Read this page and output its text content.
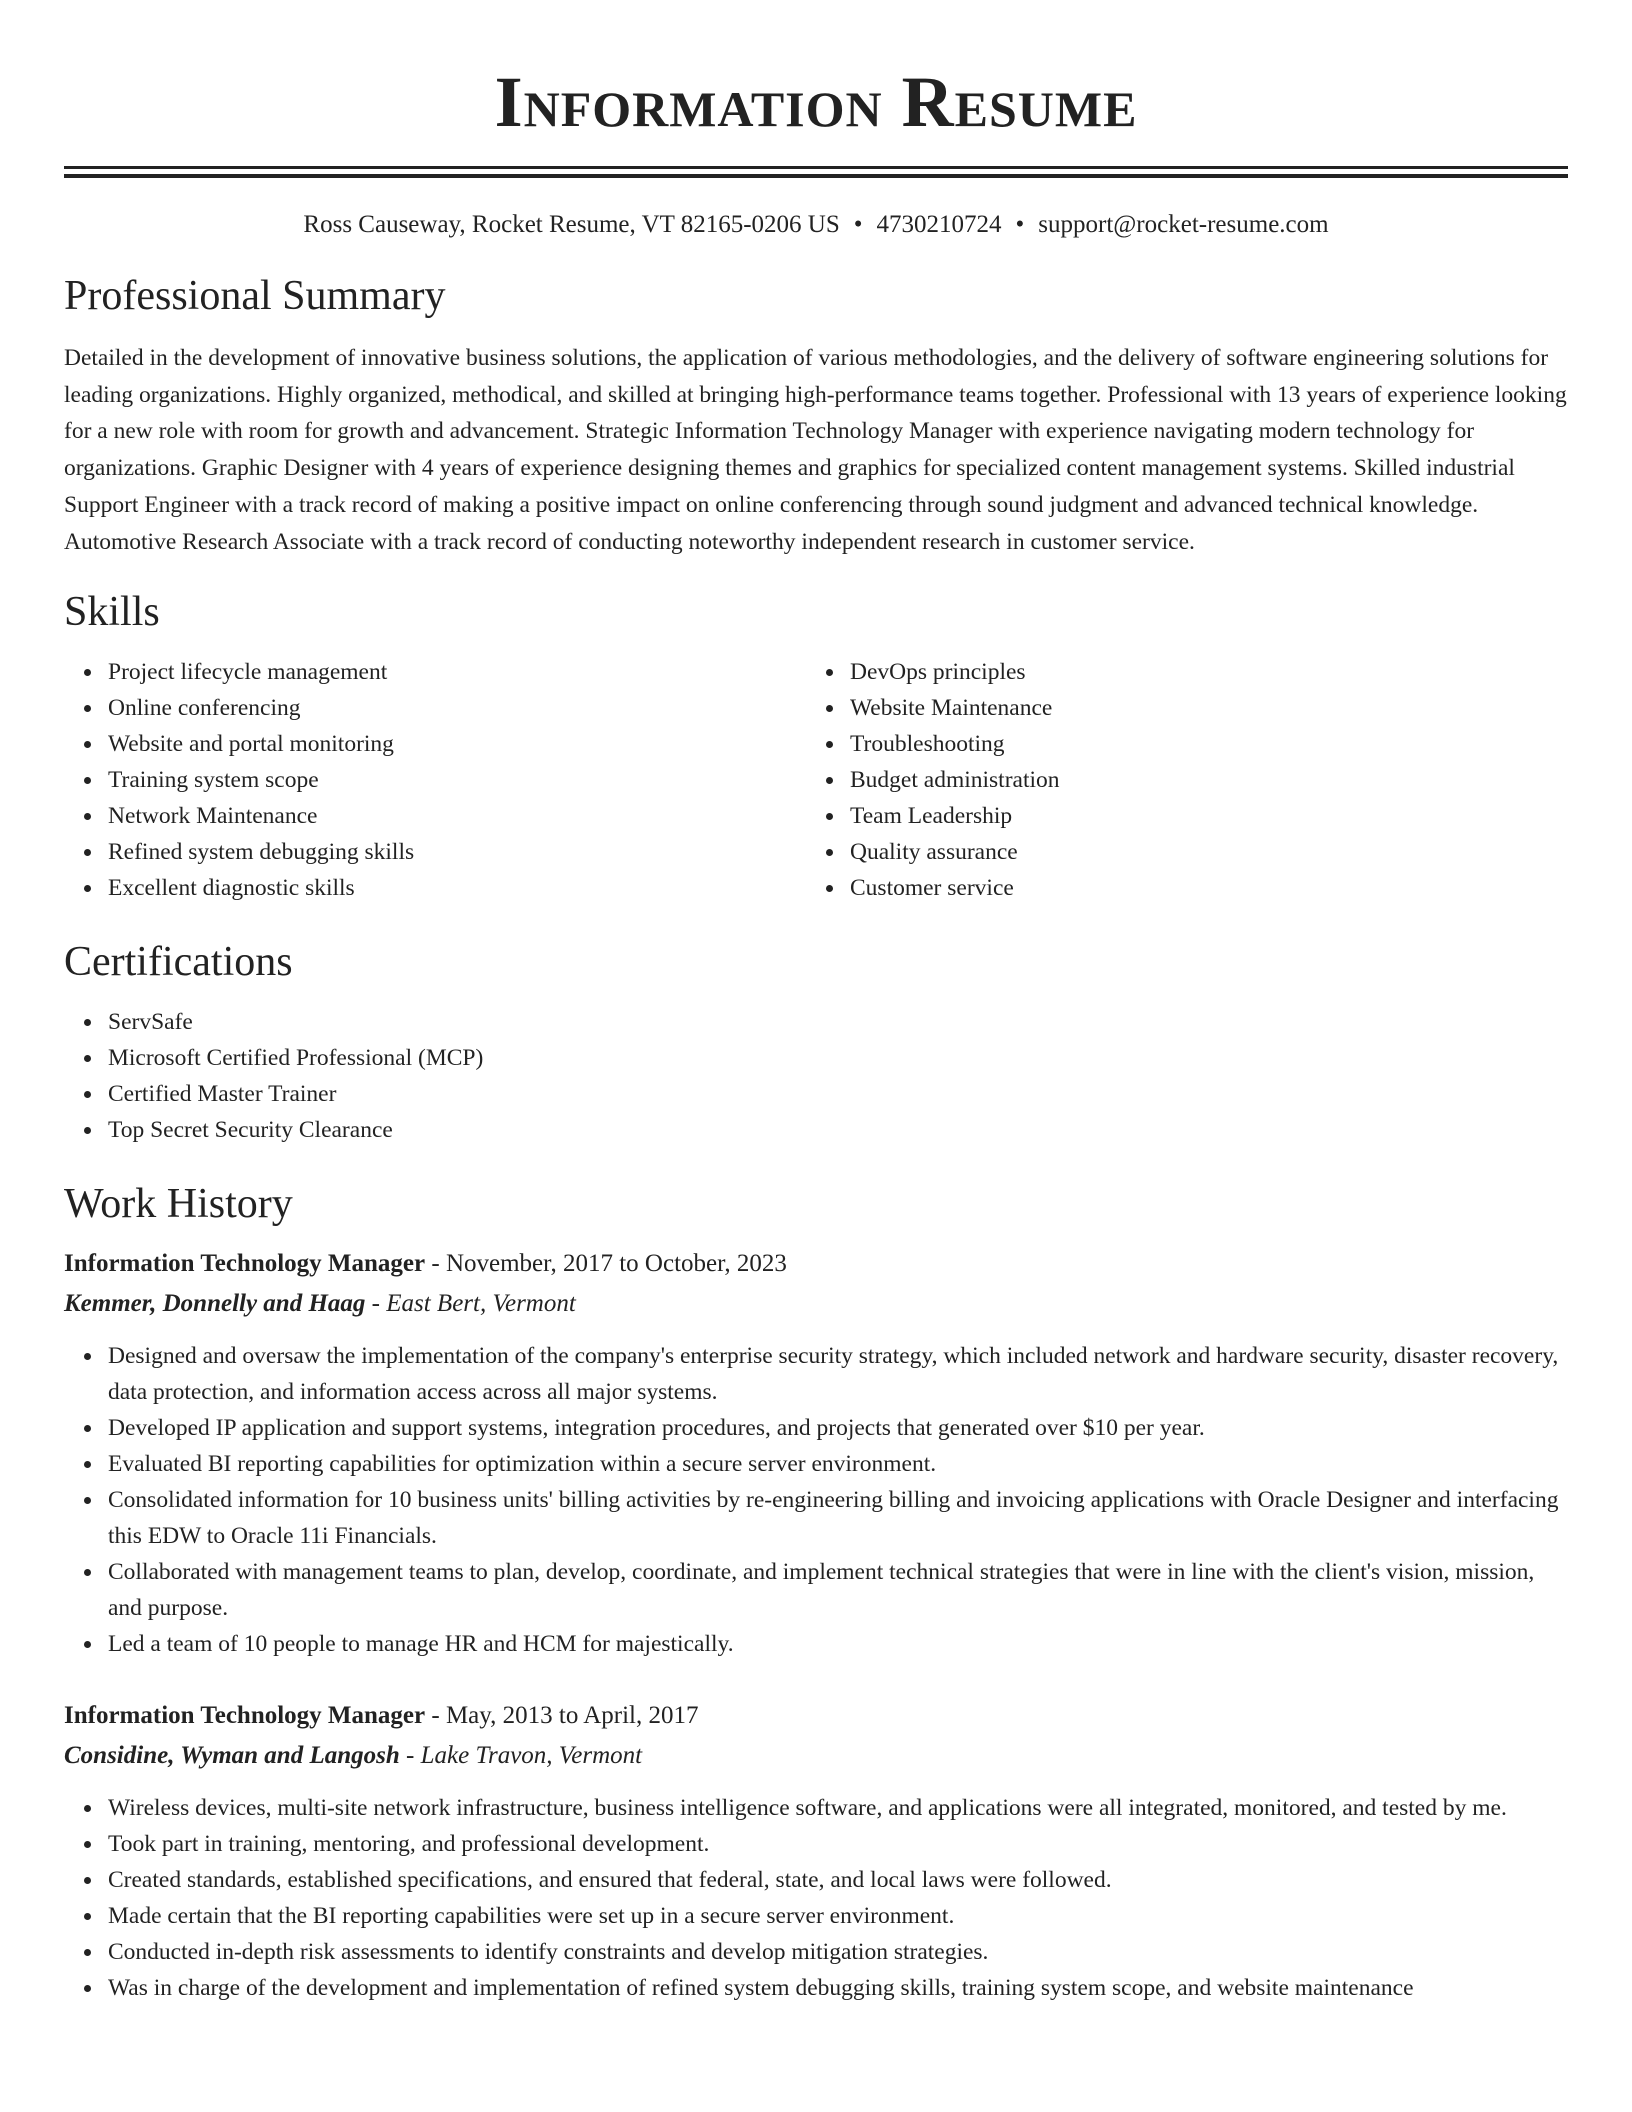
Information Resume
Ross Causeway, Rocket Resume, VT 82165-0206 US • 4730210724 • support@rocket-resume.com
Professional Summary

Detailed in the development of innovative business solutions, the application of various methodologies, and the delivery of software engineering solutions for leading organizations. Highly organized, methodical, and skilled at bringing high-performance teams together. Professional with 13 years of experience looking for a new role with room for growth and advancement. Strategic Information Technology Manager with experience navigating modern technology for organizations. Graphic Designer with 4 years of experience designing themes and graphics for specialized content management systems. Skilled industrial Support Engineer with a track record of making a positive impact on online conferencing through sound judgment and advanced technical knowledge. Automotive Research Associate with a track record of conducting noteworthy independent research in customer service.

Skills
Project lifecycle management
Online conferencing
Website and portal monitoring
Training system scope
Network Maintenance
Refined system debugging skills
Excellent diagnostic skills
DevOps principles
Website Maintenance
Troubleshooting
Budget administration
Team Leadership
Quality assurance
Customer service
Certifications
ServSafe
Microsoft Certified Professional (MCP)
Certified Master Trainer
Top Secret Security Clearance
Work History
Information Technology Manager - November, 2017 to October, 2023
Kemmer, Donnelly and Haag - East Bert, Vermont
Designed and oversaw the implementation of the company's enterprise security strategy, which included network and hardware security, disaster recovery, data protection, and information access across all major systems.
Developed IP application and support systems, integration procedures, and projects that generated over $10 per year.
Evaluated BI reporting capabilities for optimization within a secure server environment.
Consolidated information for 10 business units' billing activities by re-engineering billing and invoicing applications with Oracle Designer and interfacing this EDW to Oracle 11i Financials.
Collaborated with management teams to plan, develop, coordinate, and implement technical strategies that were in line with the client's vision, mission, and purpose.
Led a team of 10 people to manage HR and HCM for majestically.
Information Technology Manager - May, 2013 to April, 2017
Considine, Wyman and Langosh - Lake Travon, Vermont
Wireless devices, multi-site network infrastructure, business intelligence software, and applications were all integrated, monitored, and tested by me.
Took part in training, mentoring, and professional development.
Created standards, established specifications, and ensured that federal, state, and local laws were followed.
Made certain that the BI reporting capabilities were set up in a secure server environment.
Conducted in-depth risk assessments to identify constraints and develop mitigation strategies.
Was in charge of the development and implementation of refined system debugging skills, training system scope, and website maintenance
